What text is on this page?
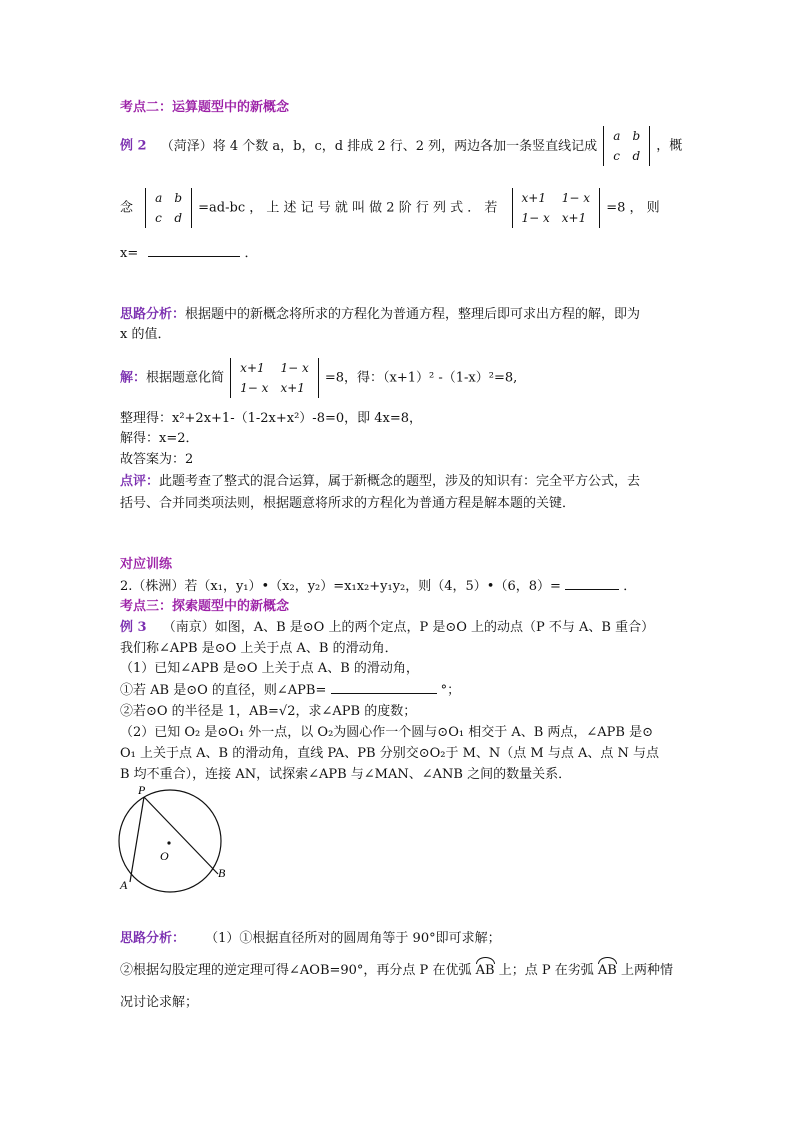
考点二：运算题型中的新概念
例 2 （菏泽）将 4 个数 a，b，c，d 排成 2 行、2 列，两边各加一条竖直线记成
a	b
c	d
，概
念
a	b
c	d
=ad-bc ， 上 述 记 号 就 叫 做 2 阶 行 列 式 ． 若
x+1	1− x
1− x	x+1
=8 ， 则
x=	．
思路分析：根据题中的新概念将所求的方程化为普通方程，整理后即可求出方程的解，即为
x 的值．
解：根据题意化简
x+1	1− x
1− x	x+1
=8，得：（x+1）² -（1-x）²=8,
整理得：x²+2x+1-（1-2x+x²）-8=0，即 4x=8，
解得：x=2．
故答案为：2
点评：此题考查了整式的混合运算，属于新概念的题型，涉及的知识有：完全平方公式，去
括号、合并同类项法则，根据题意将所求的方程化为普通方程是解本题的关键．
对应训练
2.（株洲）若（x₁，y₁）•（x₂，y₂）=x₁x₂+y₁y₂，则（4，5）•（6，8）=	．
考点三：探索题型中的新概念
例 3 （南京）如图，A、B 是⊙O 上的两个定点，P 是⊙O 上的动点（P 不与 A、B 重合）
我们称∠APB 是⊙O 上关于点 A、B 的滑动角．
（1）已知∠APB 是⊙O 上关于点 A、B 的滑动角，
①若 AB 是⊙O 的直径，则∠APB=	°；
②若⊙O 的半径是 1，AB=√2，求∠APB 的度数；
（2）已知 O₂ 是⊙O₁ 外一点，以 O₂为圆心作一个圆与⊙O₁ 相交于 A、B 两点，∠APB 是⊙
O₁ 上关于点 A、B 的滑动角，直线 PA、PB 分别交⊙O₂于 M、N（点 M 与点 A、点 N 与点
B 均不重合），连接 AN，试探索∠APB 与∠MAN、∠ANB 之间的数量关系．
P
O
A
B
思路分析： （1）①根据直径所对的圆周角等于 90°即可求解；
②根据勾股定理的逆定理可得∠AOB=90°，再分点 P 在优弧 AB 上；点 P 在劣弧 AB 上两种情
况讨论求解；
